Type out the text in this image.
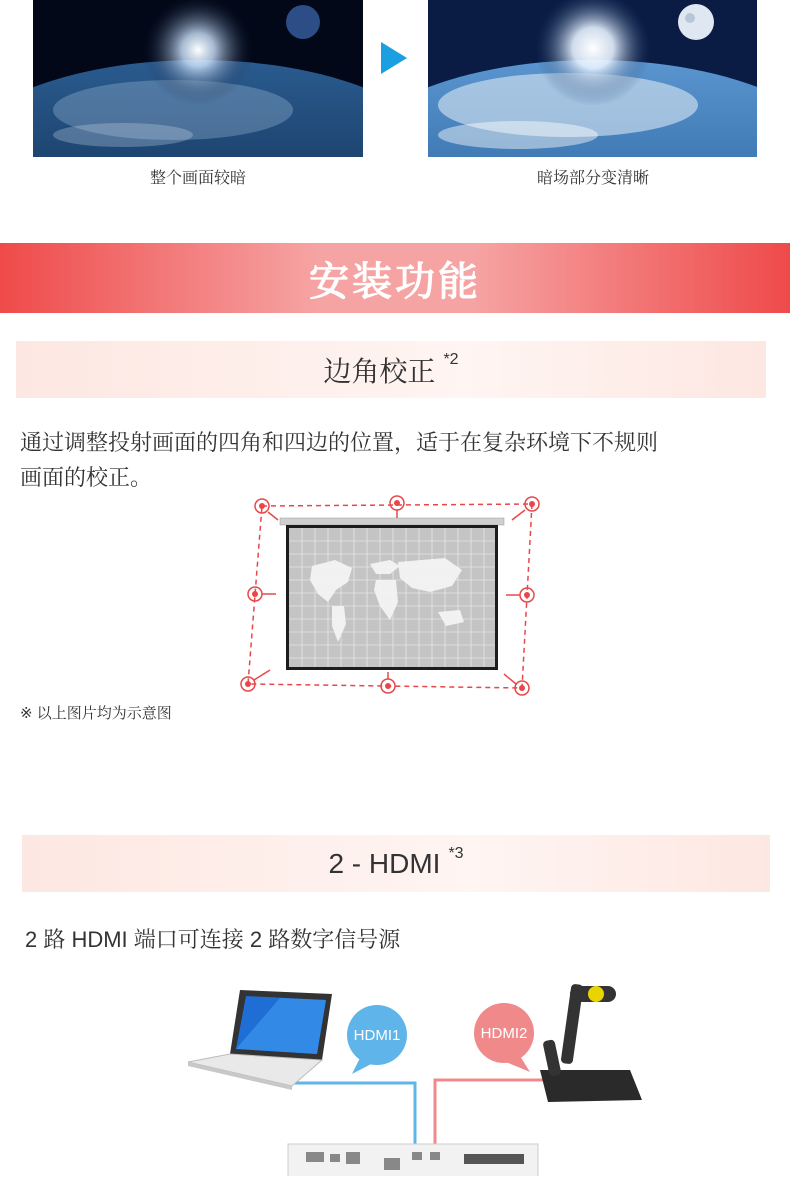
整个画面较暗	暗场部分变清晰
安装功能
边角校正 *2
通过调整投射画面的四角和四边的位置，适于在复杂环境下不规则
画面的校正。
※ 以上图片均为示意图
2 - HDMI *3
2 路 HDMI 端口可连接 2 路数字信号源
HDMI1	HDMI2
